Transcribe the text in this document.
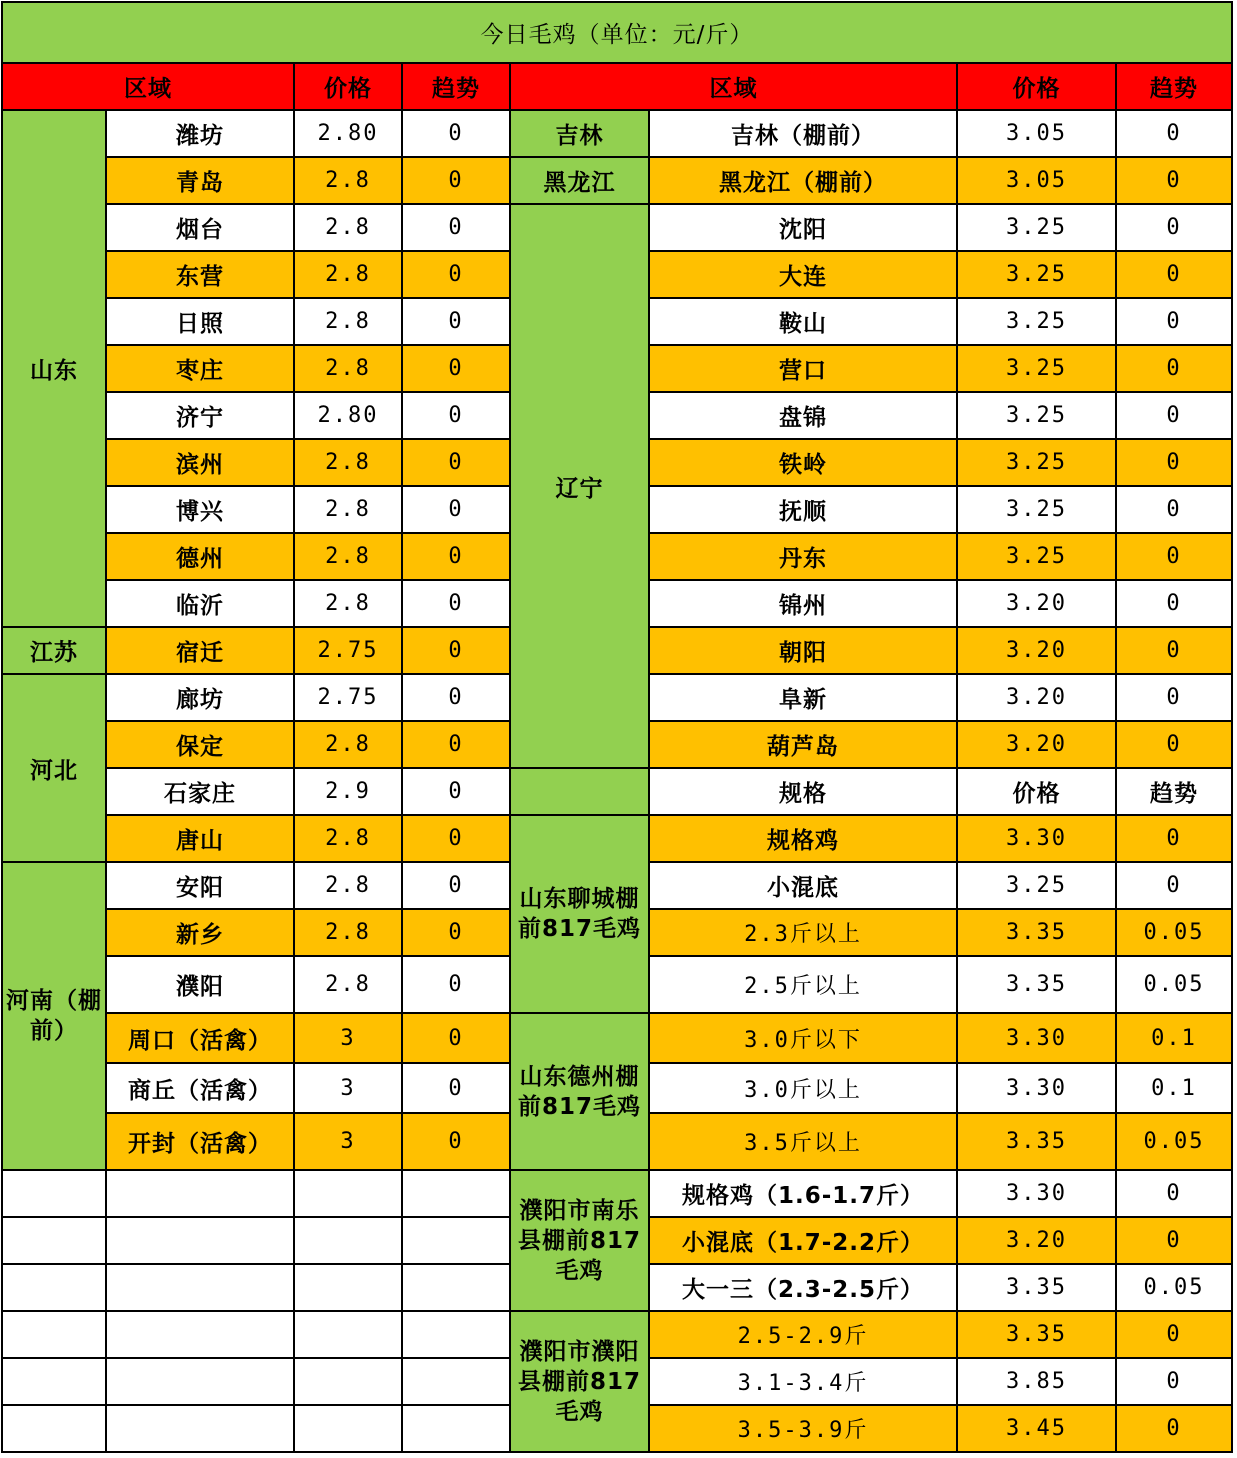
今日毛鸡（单位：元/斤）							
区域		价格	趋势	区域		价格	趋势
山东	潍坊	2.80	0	吉林	吉林（棚前）	3.05	0
	青岛	2.8	0	黑龙江	黑龙江（棚前）	3.05	0
	烟台	2.8	0	辽宁	沈阳	3.25	0
	东营	2.8	0		大连	3.25	0
	日照	2.8	0		鞍山	3.25	0
	枣庄	2.8	0		营口	3.25	0
	济宁	2.80	0		盘锦	3.25	0
	滨州	2.8	0		铁岭	3.25	0
	博兴	2.8	0		抚顺	3.25	0
	德州	2.8	0		丹东	3.25	0
	临沂	2.8	0		锦州	3.20	0
江苏	宿迁	2.75	0		朝阳	3.20	0
河北	廊坊	2.75	0		阜新	3.20	0
	保定	2.8	0		葫芦岛	3.20	0
	石家庄	2.9	0		规格	价格	趋势
	唐山	2.8	0	山东聊城棚前817毛鸡	规格鸡	3.30	0
河南（棚前）	安阳	2.8	0		小混底	3.25	0
	新乡	2.8	0		2.3斤以上	3.35	0.05
	濮阳	2.8	0		2.5斤以上	3.35	0.05
	周口（活禽）	3	0	山东德州棚前817毛鸡	3.0斤以下	3.30	0.1
	商丘（活禽）	3	0		3.0斤以上	3.30	0.1
	开封（活禽）	3	0		3.5斤以上	3.35	0.05
				濮阳市南乐县棚前817毛鸡	规格鸡（1.6-1.7斤）	3.30	0
					小混底（1.7-2.2斤）	3.20	0
					大一三（2.3-2.5斤）	3.35	0.05
				濮阳市濮阳县棚前817毛鸡	2.5-2.9斤	3.35	0
					3.1-3.4斤	3.85	0
					3.5-3.9斤	3.45	0
